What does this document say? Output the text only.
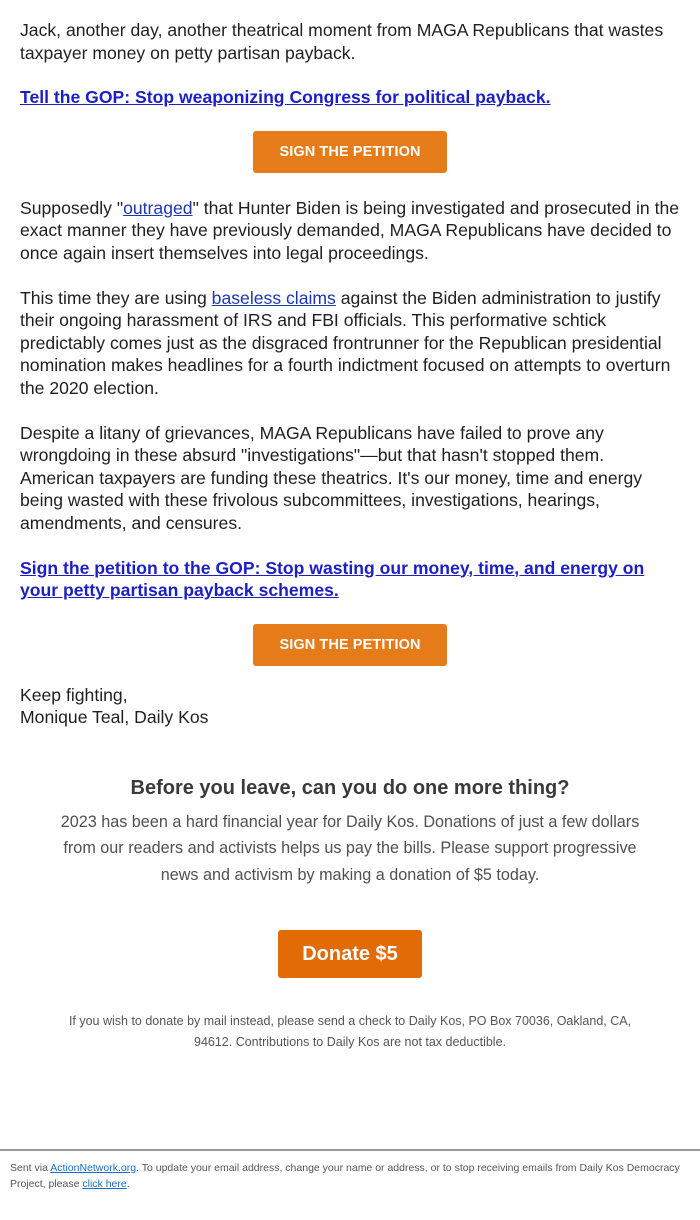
Jack, another day, another theatrical moment from MAGA Republicans that wastes taxpayer money on petty partisan payback.

Tell the GOP: Stop weaponizing Congress for political payback.
SIGN THE PETITION

Supposedly "outraged" that Hunter Biden is being investigated and prosecuted in the exact manner they have previously demanded, MAGA Republicans have decided to once again insert themselves into legal proceedings.

This time they are using baseless claims against the Biden administration to justify their ongoing harassment of IRS and FBI officials. This performative schtick predictably comes just as the disgraced frontrunner for the Republican presidential nomination makes headlines for a fourth indictment focused on attempts to overturn the 2020 election.

Despite a litany of grievances, MAGA Republicans have failed to prove any wrongdoing in these absurd "investigations"—but that hasn't stopped them. American taxpayers are funding these theatrics. It's our money, time and energy being wasted with these frivolous subcommittees, investigations, hearings, amendments, and censures.

Sign the petition to the GOP: Stop wasting our money, time, and energy on your petty partisan payback schemes.
SIGN THE PETITION

Keep fighting,
Monique Teal, Daily Kos

Before you leave, can you do one more thing?

2023 has been a hard financial year for Daily Kos. Donations of just a few dollars from our readers and activists helps us pay the bills. Please support progressive news and activism by making a donation of $5 today.

Donate $5

If you wish to donate by mail instead, please send a check to Daily Kos, PO Box 70036, Oakland, CA, 94612. Contributions to Daily Kos are not tax deductible.

Sent via ActionNetwork.org. To update your email address, change your name or address, or to stop receiving emails from Daily Kos Democracy Project, please click here.
